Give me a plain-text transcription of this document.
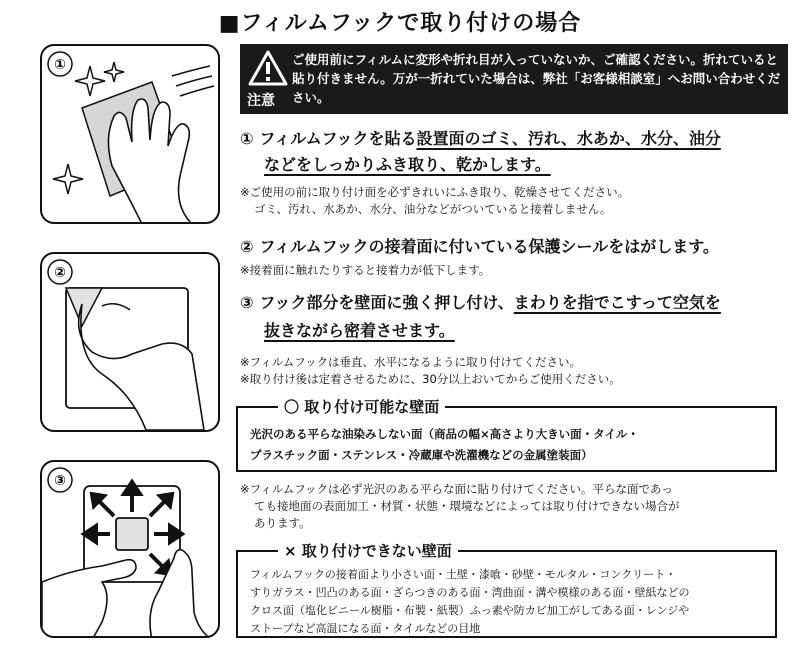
■フィルムフックで取り付けの場合
①
②
③
注意
ご使用前にフィルムに変形や折れ目が入っていないか、ご確認ください。折れていると貼り付きません。万が一折れていた場合は、弊社「お客様相談室」へお問い合わせください。
① フィルムフックを貼る設置面のゴミ、汚れ、水あか、水分、油分
などをしっかりふき取り、乾かします。
※ご使用の前に取り付け面を必ずきれいにふき取り、乾燥させてください。
ゴミ、汚れ、水あか、水分、油分などがついていると接着しません。
② フィルムフックの接着面に付いている保護シールをはがします。
※接着面に触れたりすると接着力が低下します。
③ フック部分を壁面に強く押し付け、まわりを指でこすって空気を
抜きながら密着させます。
※フィルムフックは垂直、水平になるように取り付けてください。
※取り付け後は定着させるために、30分以上おいてからご使用ください。
〇 取り付け可能な壁面
光沢のある平らな油染みしない面（商品の幅×高さより大きい面・タイル・
プラスチック面・ステンレス・冷蔵庫や洗濯機などの金属塗装面）
※フィルムフックは必ず光沢のある平らな面に貼り付けてください。平らな面であっ
ても接地面の表面加工・材質・状態・環境などによっては取り付けできない場合が
あります。
× 取り付けできない壁面
フィルムフックの接着面より小さい面・土壁・漆喰・砂壁・モルタル・コンクリート・
すりガラス・凹凸のある面・ざらつきのある面・湾曲面・溝や模様のある面・壁紙などの
クロス面（塩化ビニール樹脂・布製・紙製）ふっ素や防カビ加工がしてある面・レンジや
ストーブなど高温になる面・タイルなどの目地
